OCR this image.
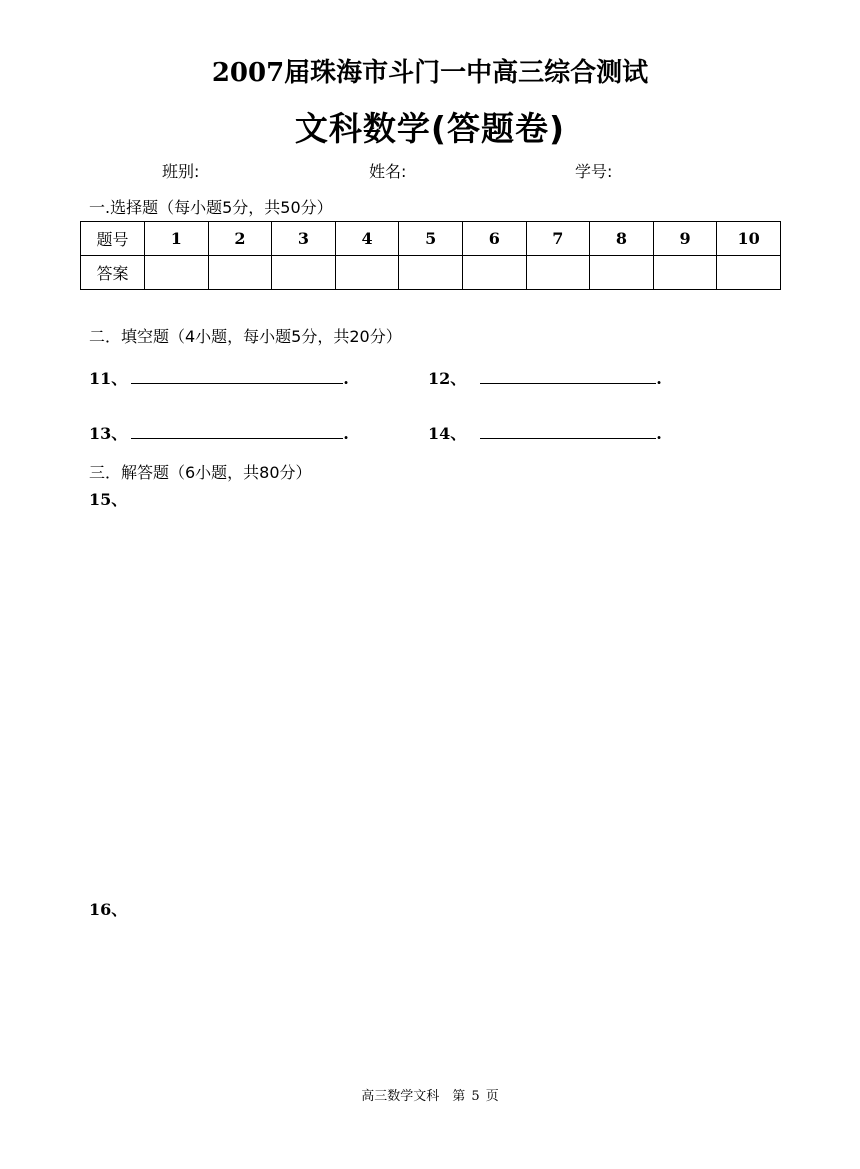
2007届珠海市斗门一中高三综合测试
文科数学(答题卷)
班别:	姓名:	学号:
一.选择题（每小题5分，共50分）
题号	1	2	3	4	5	6	7	8	9	10
答案										
二．填空题（4小题，每小题5分，共20分）
11、	.	12、	.
13、	.	14、	.
三．解答题（6小题，共80分）
15、
16、
高三数学文科　第 5 页
